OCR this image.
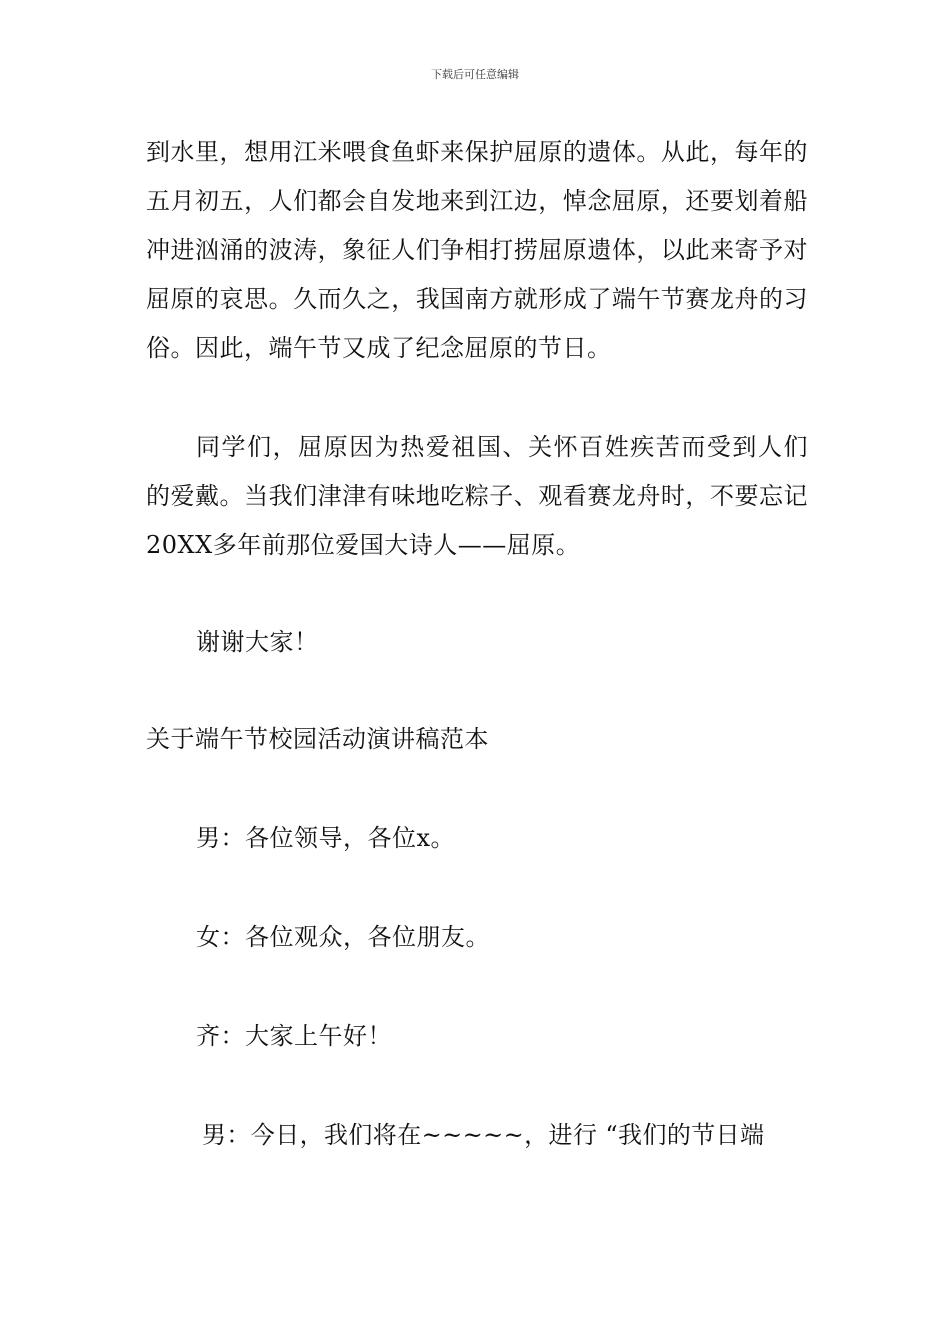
下载后可任意编辑

到水里，想用江米喂食鱼虾来保护屈原的遗体。从此，每年的五月初五，人们都会自发地来到江边，悼念屈原，还要划着船冲进汹涌的波涛，象征人们争相打捞屈原遗体，以此来寄予对屈原的哀思。久而久之，我国南方就形成了端午节赛龙舟的习俗。因此，端午节又成了纪念屈原的节日。

同学们，屈原因为热爱祖国、关怀百姓疾苦而受到人们的爱戴。当我们津津有味地吃粽子、观看赛龙舟时，不要忘记20XX多年前那位爱国大诗人——屈原。

谢谢大家！

关于端午节校园活动演讲稿范本

男：各位领导，各位x。

女：各位观众，各位朋友。

齐：大家上午好！

男：今日，我们将在~~~~~，进行 “我们的节日端
